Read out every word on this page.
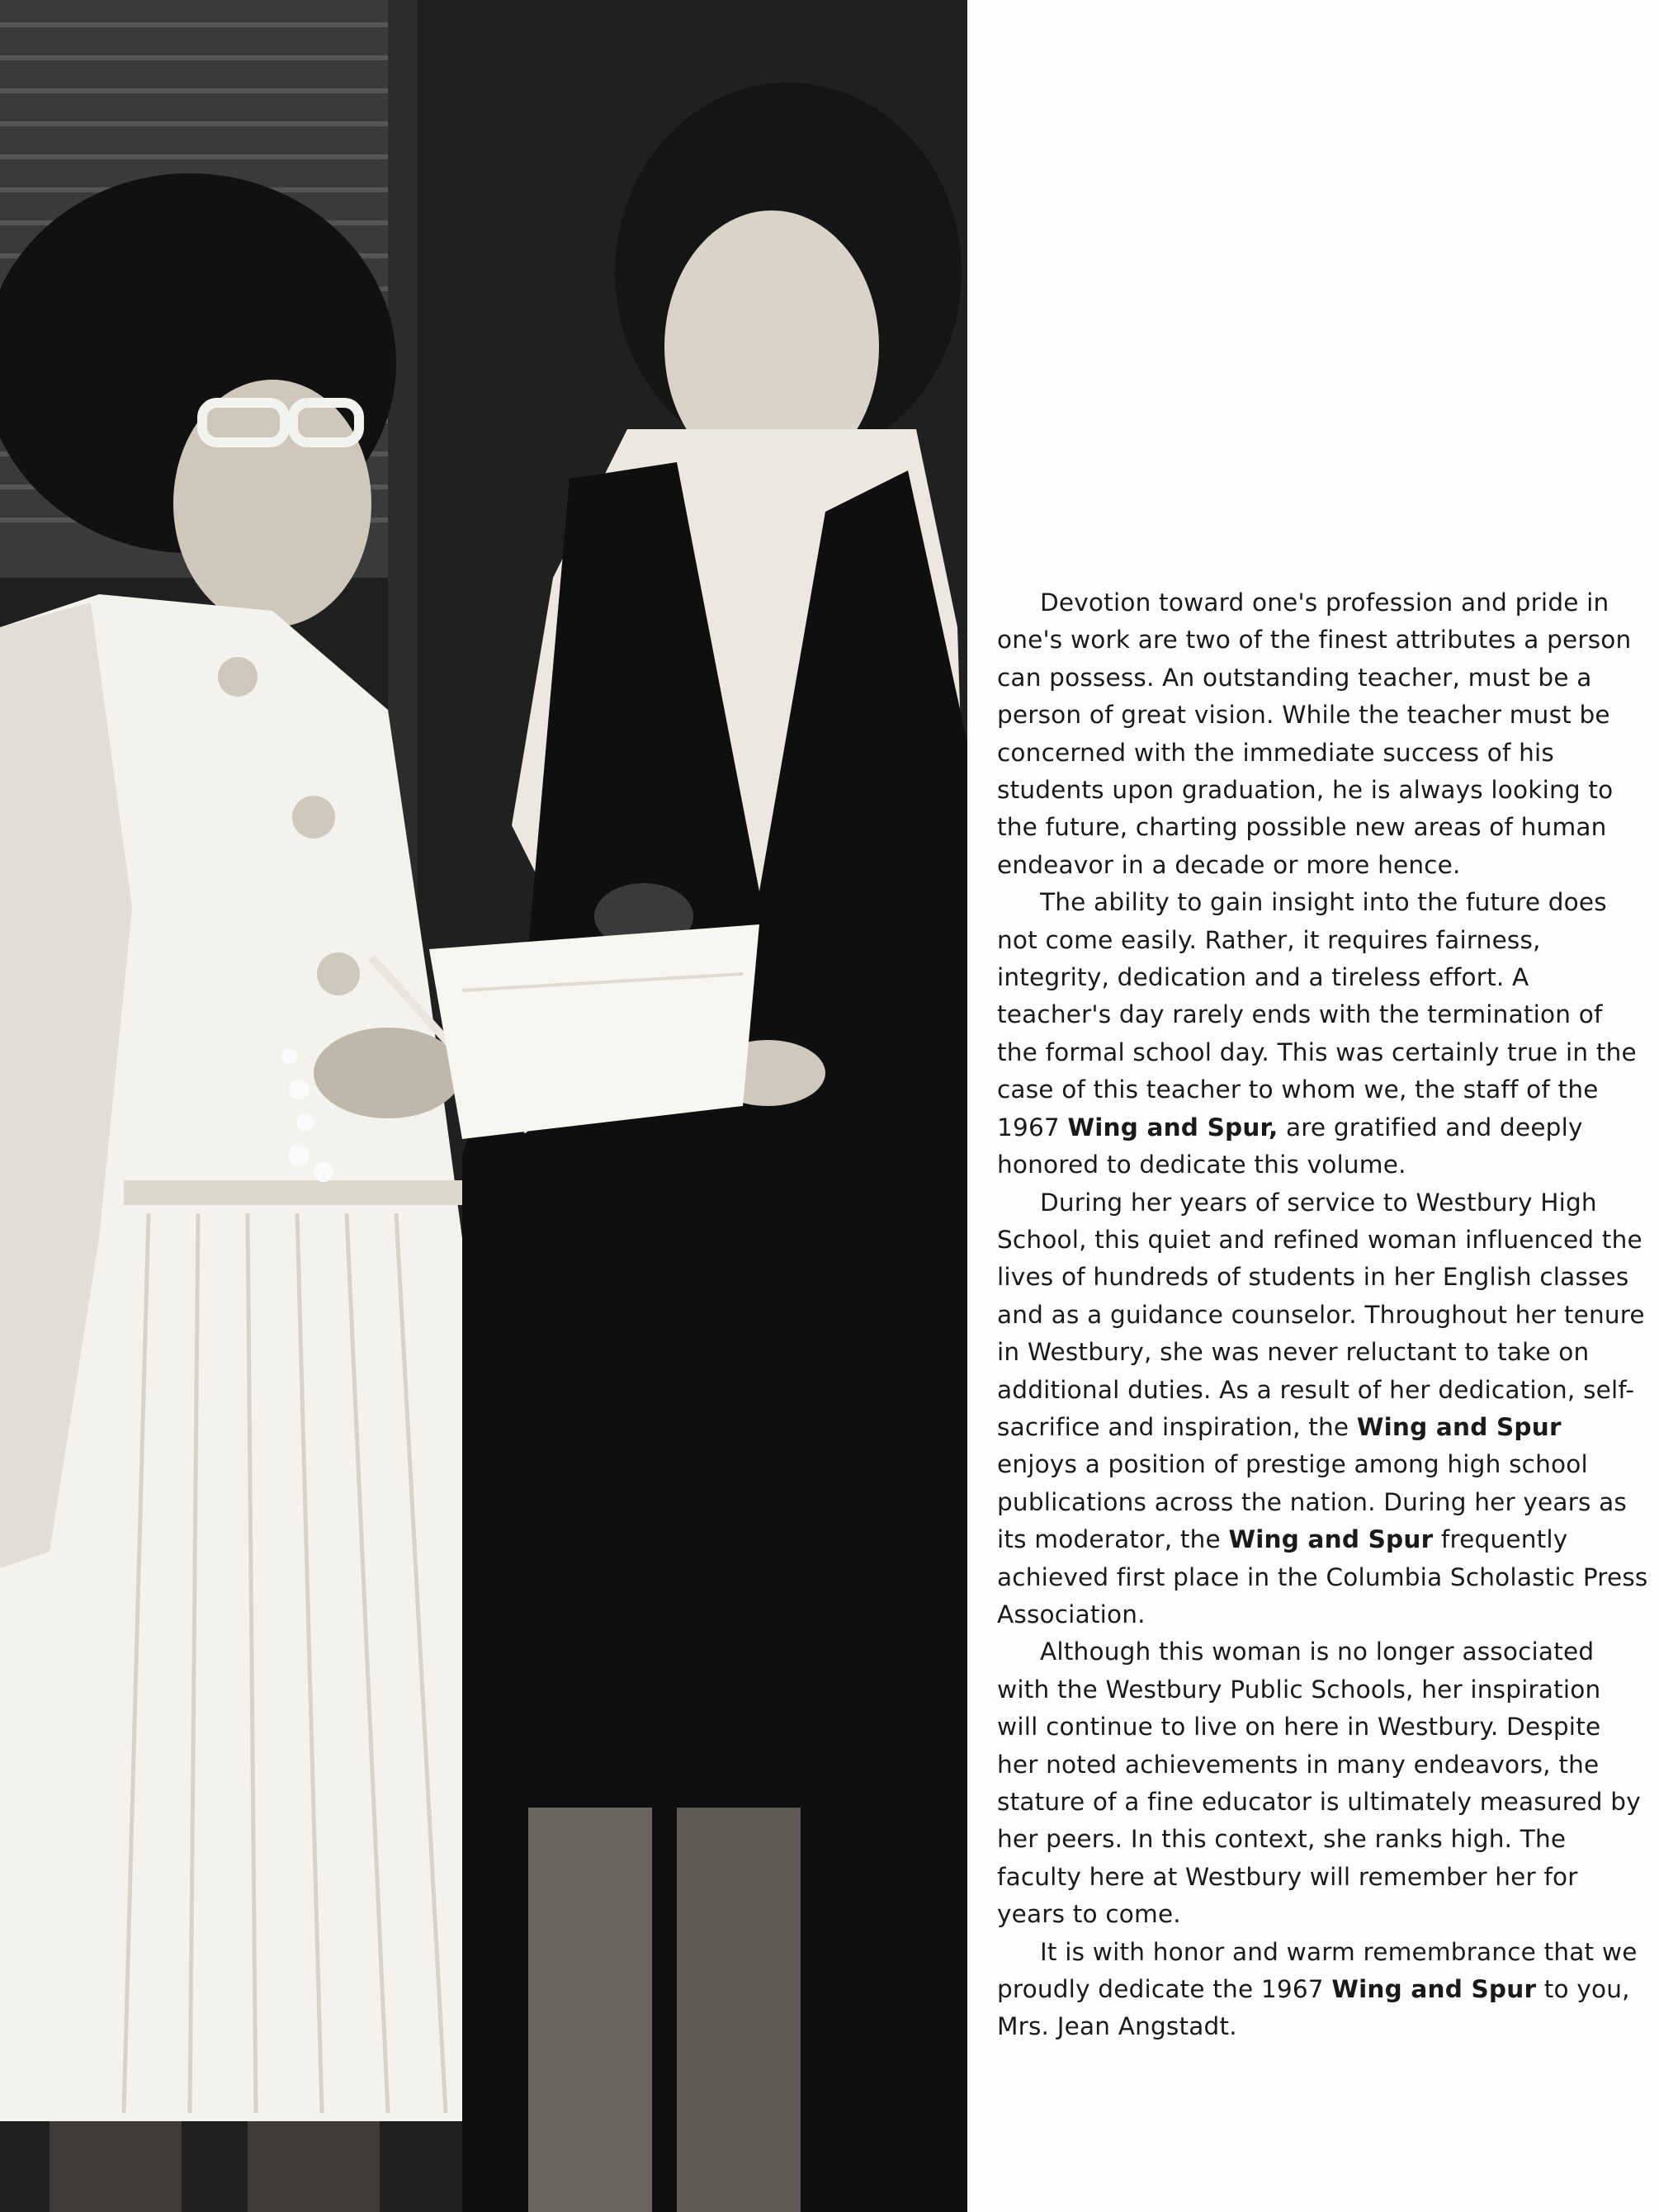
Devotion toward one's profession and pride in one's work are two of the finest attributes a person can possess. An outstanding teacher, must be a person of great vision. While the teacher must be concerned with the immediate success of his students upon graduation, he is always looking to the future, charting possible new areas of human endeavor in a decade or more hence.

The ability to gain insight into the future does not come easily. Rather, it requires fairness, integrity, dedication and a tireless effort. A teacher's day rarely ends with the termination of the formal school day. This was certainly true in the case of this teacher to whom we, the staff of the 1967 Wing and Spur, are gratified and deeply honored to dedicate this volume.

During her years of service to Westbury High School, this quiet and refined woman influenced the lives of hundreds of students in her English classes and as a guidance counselor. Throughout her tenure in Westbury, she was never reluctant to take on additional duties. As a result of her dedication, self-sacrifice and inspiration, the Wing and Spur enjoys a position of prestige among high school publications across the nation. During her years as its moderator, the Wing and Spur frequently achieved first place in the Columbia Scholastic Press Association.

Although this woman is no longer associated with the Westbury Public Schools, her inspiration will continue to live on here in Westbury. Despite her noted achievements in many endeavors, the stature of a fine educator is ultimately measured by her peers. In this context, she ranks high. The faculty here at Westbury will remember her for years to come.

It is with honor and warm remembrance that we proudly dedicate the 1967 Wing and Spur to you, Mrs. Jean Angstadt.
